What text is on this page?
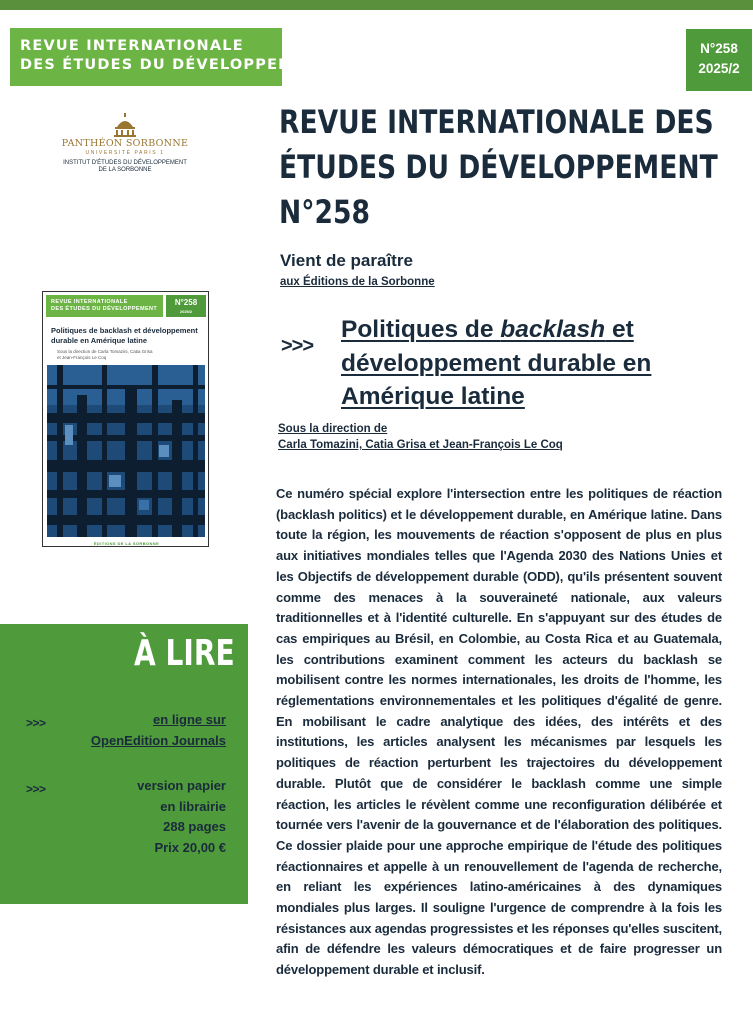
REVUE INTERNATIONALE
DES ÉTUDES DU DÉVELOPPEMENT
N°258
2025/2
PANTHÉON SORBONNE
UNIVERSITÉ PARIS 1
INSTITUT D'ÉTUDES DU DÉVELOPPEMENT
DE LA SORBONNE
REVUE INTERNATIONALE DES
ÉTUDES DU DÉVELOPPEMENT
N°258
Vient de paraître
aux Éditions de la Sorbonne
REVUE INTERNATIONALE
DES ÉTUDES DU DÉVELOPPEMENT
N°258
2025/2
Politiques de backlash et développement
durable en Amérique latine
Sous la direction de Carla Tomazini, Catia Grisa
et Jean-François Le Coq
ÉDITIONS DE LA SORBONNE
>>>
Politiques de backlash et
développement durable en
Amérique latine
Sous la direction de
Carla Tomazini, Catia Grisa et Jean-François Le Coq

Ce numéro spécial explore l'intersection entre les politiques de réaction (backlash politics) et le développement durable, en Amérique latine. Dans toute la région, les mouvements de réaction s'opposent de plus en plus aux initiatives mondiales telles que l'Agenda 2030 des Nations Unies et les Objectifs de développement durable (ODD), qu'ils présentent souvent comme des menaces à la souveraineté nationale, aux valeurs traditionnelles et à l'identité culturelle. En s'appuyant sur des études de cas empiriques au Brésil, en Colombie, au Costa Rica et au Guatemala, les contributions examinent comment les acteurs du backlash se mobilisent contre les normes internationales, les droits de l'homme, les réglementations environnementales et les politiques d'égalité de genre. En mobilisant le cadre analytique des idées, des intérêts et des institutions, les articles analysent les mécanismes par lesquels les politiques de réaction perturbent les trajectoires du développement durable. Plutôt que de considérer le backlash comme une simple réaction, les articles le révèlent comme une reconfiguration délibérée et tournée vers l'avenir de la gouvernance et de l'élaboration des politiques. Ce dossier plaide pour une approche empirique de l'étude des politiques réactionnaires et appelle à un renouvellement de l'agenda de recherche, en reliant les expériences latino-américaines à des dynamiques mondiales plus larges. Il souligne l'urgence de comprendre à la fois les résistances aux agendas progressistes et les réponses qu'elles suscitent, afin de défendre les valeurs démocratiques et de faire progresser un développement durable et inclusif.

À LIRE
>>>	en ligne sur
OpenEdition Journals
>>>	version papier
en librairie
288 pages
Prix 20,00 €
